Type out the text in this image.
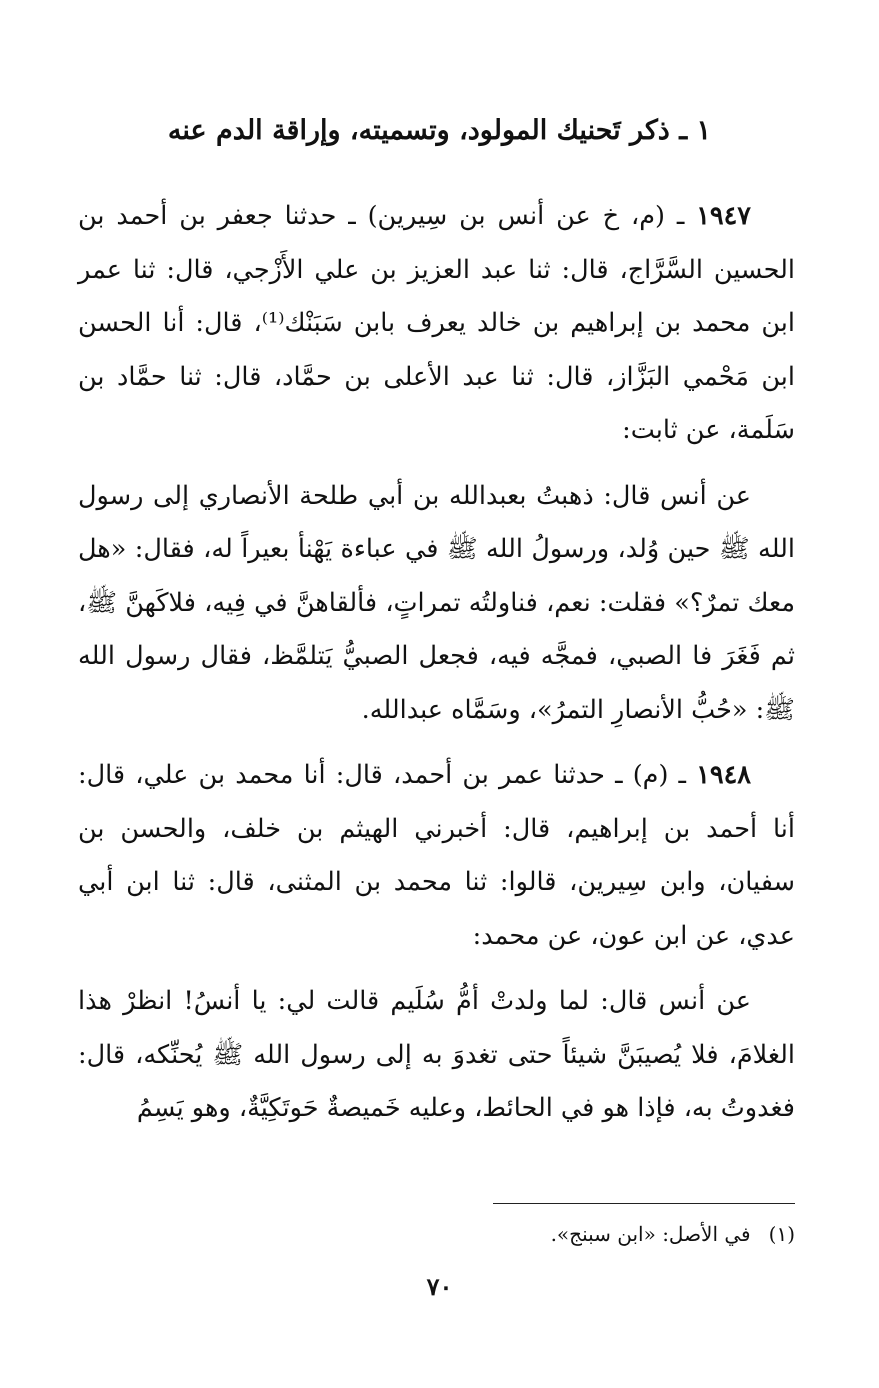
١ ـ ذكر تَحنيك المولود، وتسميته، وإراقة الدم عنه

١٩٤٧ ـ (م، خ عن أنس بن سِيرين) ـ حدثنا جعفر بن أحمد بن الحسين السَّرَّاج، قال: ثنا عبد العزيز بن علي الأَزْجي، قال: ثنا عمر ابن محمد بن إبراهيم بن خالد يعرف بابن سَبَنْك⁽¹⁾، قال: أنا الحسن ابن مَحْمي البَزَّاز، قال: ثنا عبد الأعلى بن حمَّاد، قال: ثنا حمَّاد بن سَلَمة، عن ثابت:

عن أنس قال: ذهبتُ بعبدالله بن أبي طلحة الأنصاري إلى رسول الله ﷺ حين وُلد، ورسولُ الله ﷺ في عباءة يَهْنأ بعيراً له، فقال: «هل معك تمرٌ؟» فقلت: نعم، فناولتُه تمراتٍ، فألقاهنَّ في فِيه، فلاكَهنَّ ﷺ، ثم فَغَرَ فا الصبي، فمجَّه فيه، فجعل الصبيُّ يَتلمَّظ، فقال رسول الله ﷺ: «حُبُّ الأنصارِ التمرُ»، وسَمَّاه عبدالله.

١٩٤٨ ـ (م) ـ حدثنا عمر بن أحمد، قال: أنا محمد بن علي، قال: أنا أحمد بن إبراهيم، قال: أخبرني الهيثم بن خلف، والحسن بن سفيان، وابن سِيرين، قالوا: ثنا محمد بن المثنى، قال: ثنا ابن أبي عدي، عن ابن عون، عن محمد:

عن أنس قال: لما ولدتْ أمُّ سُلَيم قالت لي: يا أنسُ! انظرْ هذا الغلامَ، فلا يُصيبَنَّ شيئاً حتى تغدوَ به إلى رسول الله ﷺ يُحنِّكه، قال: فغدوتُ به، فإذا هو في الحائط، وعليه خَميصةٌ حَوتَكِيَّةٌ، وهو يَسِمُ

(١)في الأصل: «ابن سبنج».

٧٠
